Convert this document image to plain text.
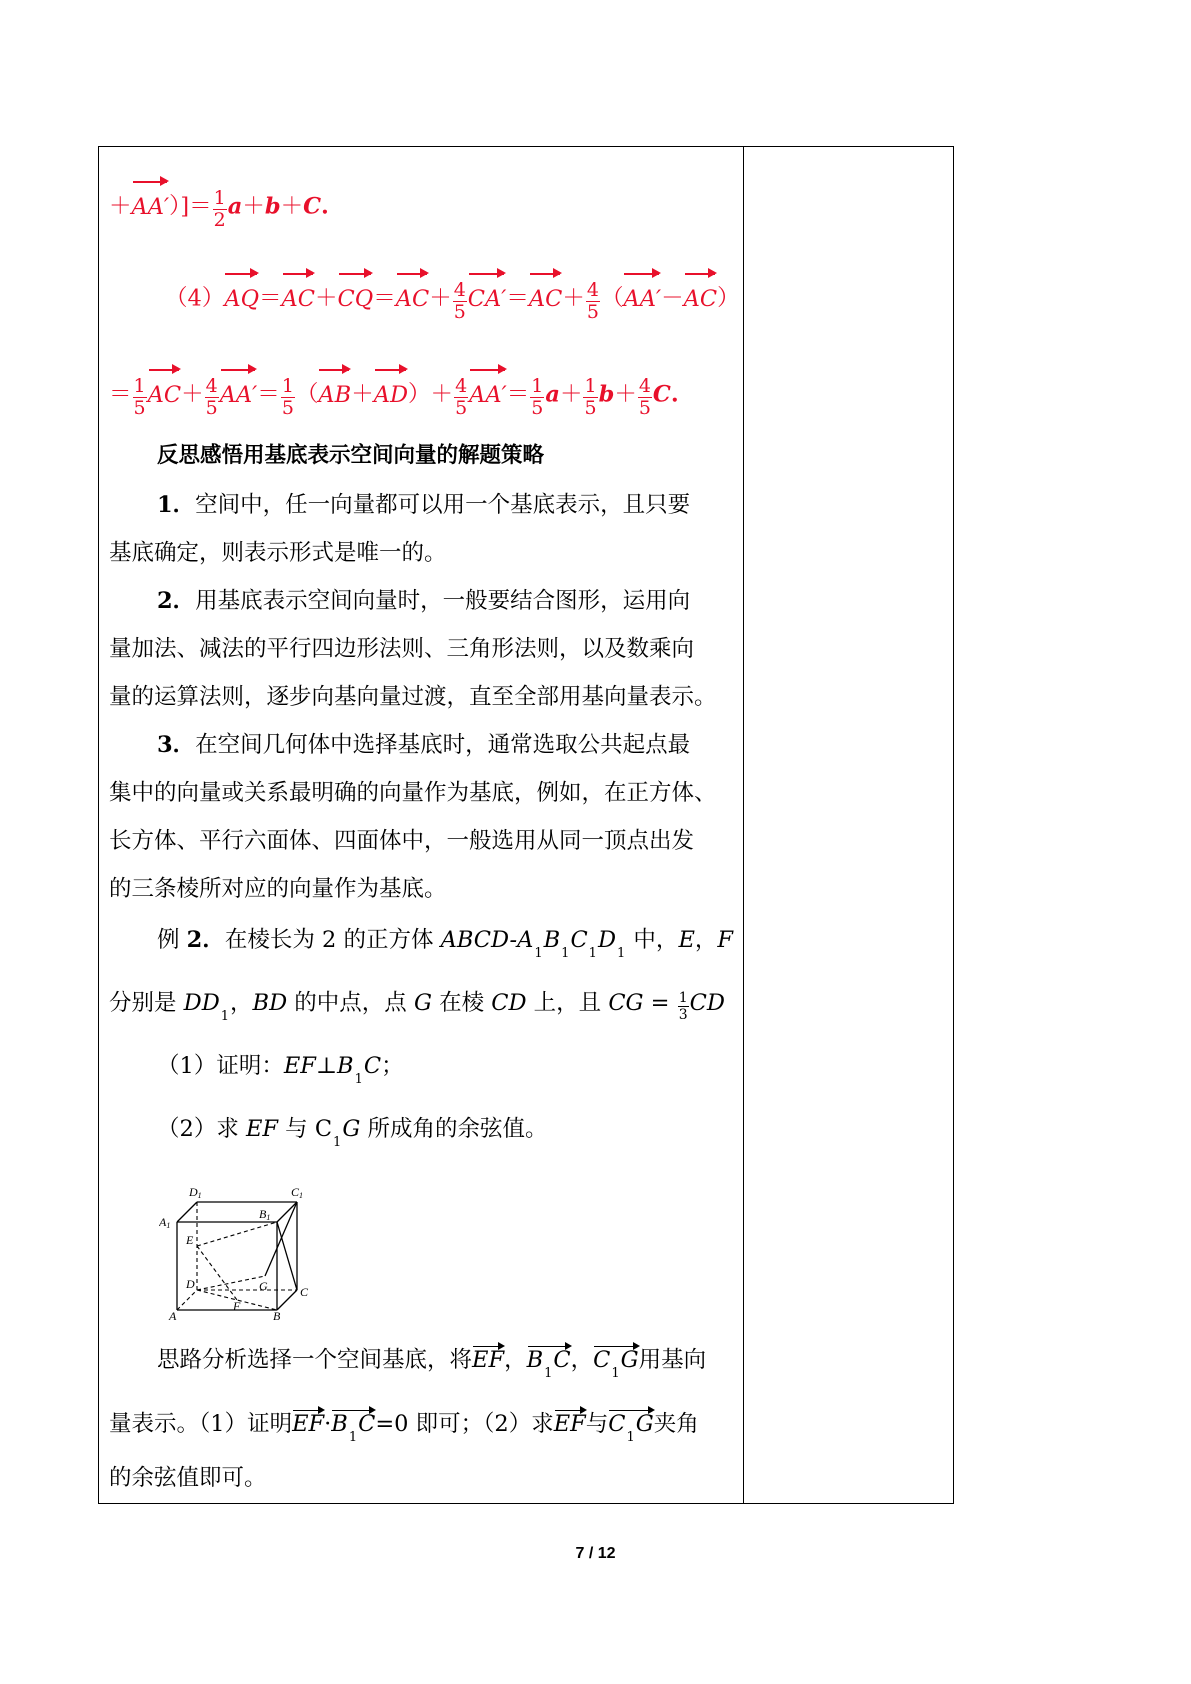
$+AA')]= \frac{1}{2} a+b+C$.
$(4)AQ=AC+CQ=AC+ \frac{4}{5} CA'=AC+ \frac{4}{5} (AA'-AC)$
＝ $\frac{1}{5} AC+ \frac{4}{5} AA'= \frac{1}{5} (AB+AD)+ \frac{4}{5} AA'= \frac{1}{5} a+ \frac{1}{5} b+ \frac{4}{5} C$.
反思感悟用基底表示空间向量的解题策略
1．空间中，任一向量都可以用一个基底表示，且只要
基底确定，则表示形式是唯一的。
2．用基底表示空间向量时，一般要结合图形，运用向
量加法、减法的平行四边形法则、三角形法则，以及数乘向
量的运算法则，逐步向基向量过渡，直至全部用基向量表示。
3．在空间几何体中选择基底时，通常选取公共起点最
集中的向量或关系最明确的向量作为基底，例如，在正方体、
长方体、平行六面体、四面体中，一般选用从同一顶点出发
的三条棱所对应的向量作为基底。
例 2．在棱长为 2 的正方体 ABCD-$A_1B_1C_1D_1$ 中，E，F
分别是 $DD_1$，BD 的中点，点 G 在棱 CD 上，且 CG = $\frac{1}{3}$ CD
（1）证明：$EF\perp B_1C$；
（2）求 EF 与 $C_1G$ 所成角的余弦值。
D1	C1
A1
B1
E
D
C
G
F
A	B
思路分析选择一个空间基底，将EF，$B_1C$，$C_1G$用基向
量表示。（1）证明$EF\cdot B_1C=0$ 即可；（2）求EF与$C_1G$夹角
的余弦值即可。
7 / 12
